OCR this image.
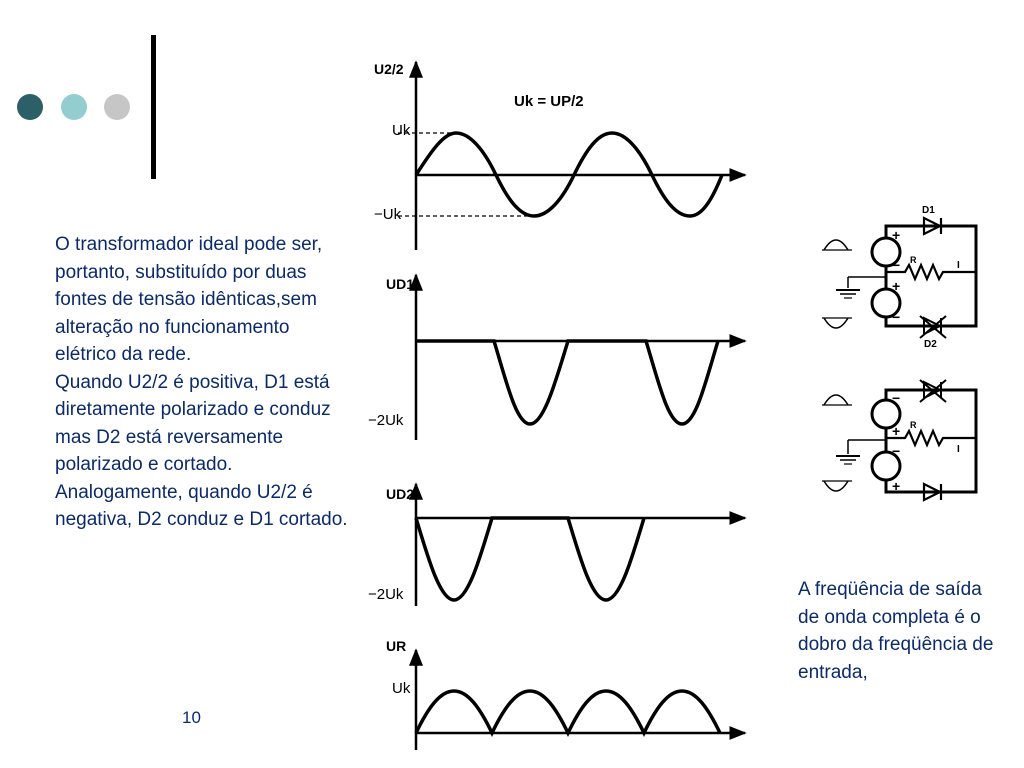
O transformador ideal pode ser, portanto, substituído por duas fontes de tensão idênticas,sem alteração no funcionamento elétrico da rede.

Quando U2/2 é positiva, D1 está diretamente polarizado e conduz mas D2 está reversamente polarizado e cortado.

Analogamente, quando U2/2 é negativa, D2 conduz e D1 cortado.

A freqüência de saída de onda completa é o dobro da freqüência de entrada,
10
U2/2
Uk = UP/2
Uk
−Uk
UD1
−2Uk
UD2
−2Uk
UR
Uk
+
−
+
−
D1
D2
R	I
−
+
−
+
R
I
